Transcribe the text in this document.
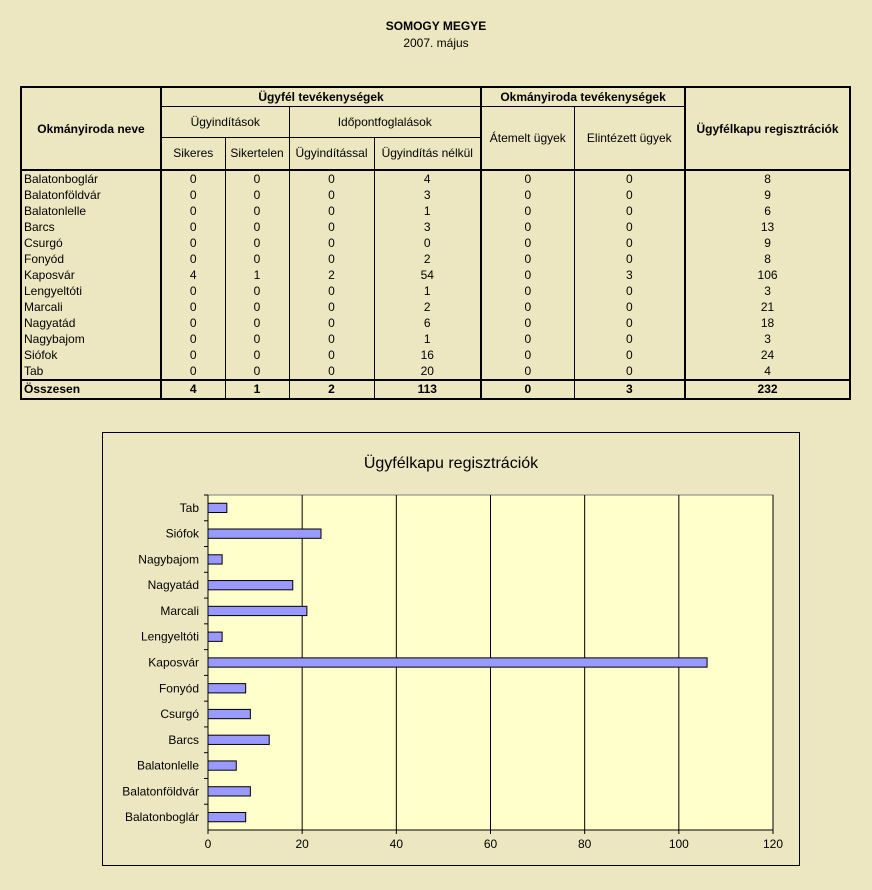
SOMOGY MEGYE
2007. május
Okmányiroda neve	Ügyfél tevékenységek				Okmányiroda tevékenységek		Ügyfélkapu regisztrációk
	Ügyindítások		Időpontfoglalások		Átemelt ügyek	Elintézett ügyek	
	Sikeres	Sikertelen	Ügyindítással	Ügyindítás nélkül			
Balatonboglár	0	0	0	4	0	0	8
Balatonföldvár	0	0	0	3	0	0	9
Balatonlelle	0	0	0	1	0	0	6
Barcs	0	0	0	3	0	0	13
Csurgó	0	0	0	0	0	0	9
Fonyód	0	0	0	2	0	0	8
Kaposvár	4	1	2	54	0	3	106
Lengyeltóti	0	0	0	1	0	0	3
Marcali	0	0	0	2	0	0	21
Nagyatád	0	0	0	6	0	0	18
Nagybajom	0	0	0	1	0	0	3
Siófok	0	0	0	16	0	0	24
Tab	0	0	0	20	0	0	4
Összesen	4	1	2	113	0	3	232
Ügyfélkapu regisztrációk
Balatonboglár
Balatonföldvár
Balatonlelle
Barcs
Csurgó
Fonyód
Kaposvár
Lengyeltóti
Marcali
Nagyatád
Nagybajom
Siófok
Tab
0	20	40	60	80	100	120
